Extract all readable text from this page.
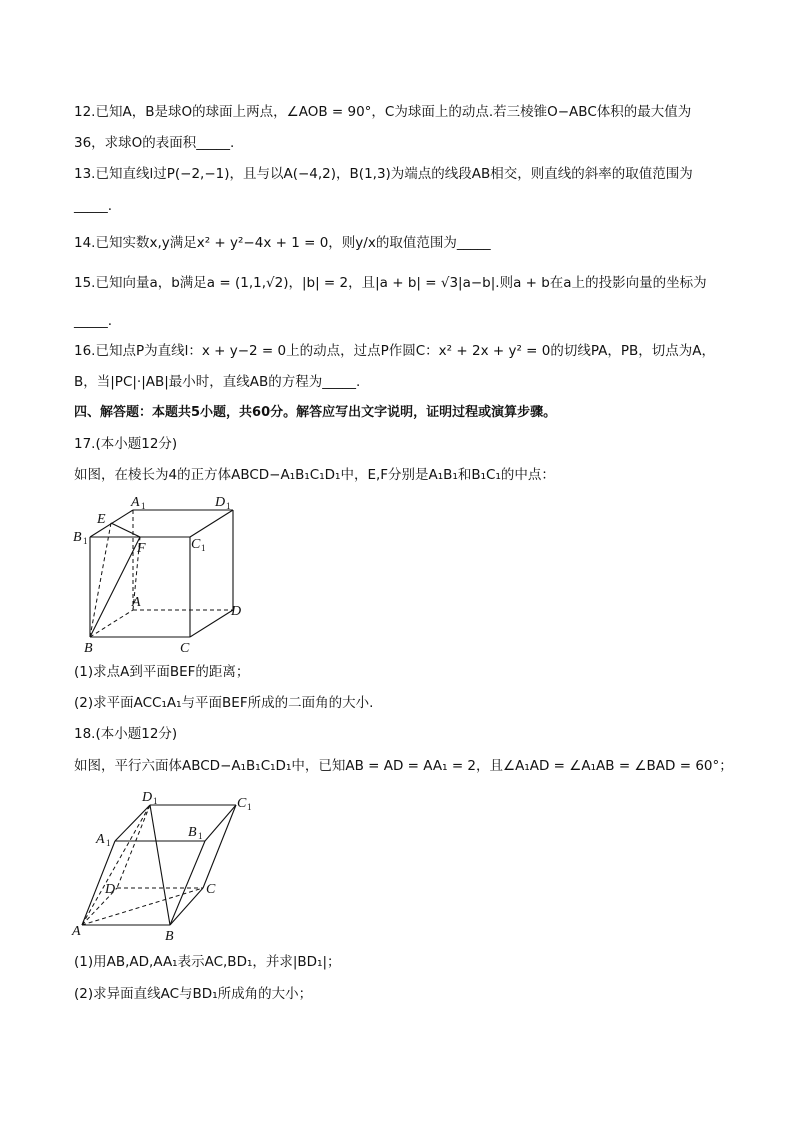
12.已知A，B是球O的球面上两点，∠AOB = 90°，C为球面上的动点.若三棱锥O−ABC体积的最大值为
36，求球O的表面积_____.
13.已知直线l过P(−2,−1)，且与以A(−4,2)，B(1,3)为端点的线段AB相交，则直线的斜率的取值范围为
_____.
14.已知实数x,y满足x² + y²−4x + 1 = 0，则y/x的取值范围为_____
15.已知向量a，b满足a = (1,1,√2)，|b| = 2，且|a + b| = √3|a−b|.则a + b在a上的投影向量的坐标为
_____.
16.已知点P为直线l：x + y−2 = 0上的动点，过点P作圆C：x² + 2x + y² = 0的切线PA，PB，切点为A，
B，当|PC|·|AB|最小时，直线AB的方程为_____.
四、解答题：本题共5小题，共60分。解答应写出文字说明，证明过程或演算步骤。
17.(本小题12分)
如图，在棱长为4的正方体ABCD−A₁B₁C₁D₁中，E,F分别是A₁B₁和B₁C₁的中点：
A 1	D 1
E
B 1	F	C 1
A
D
B	C
(1)求点A到平面BEF的距离；
(2)求平面ACC₁A₁与平面BEF所成的二面角的大小.
18.(本小题12分)
如图，平行六面体ABCD−A₁B₁C₁D₁中，已知AB = AD = AA₁ = 2，且∠A₁AD = ∠A₁AB = ∠BAD = 60°；
D 1	C 1
A 1
B 1
D	C
A	B
(1)用AB,AD,AA₁表示AC,BD₁，并求|BD₁|；
(2)求异面直线AC与BD₁所成角的大小；
